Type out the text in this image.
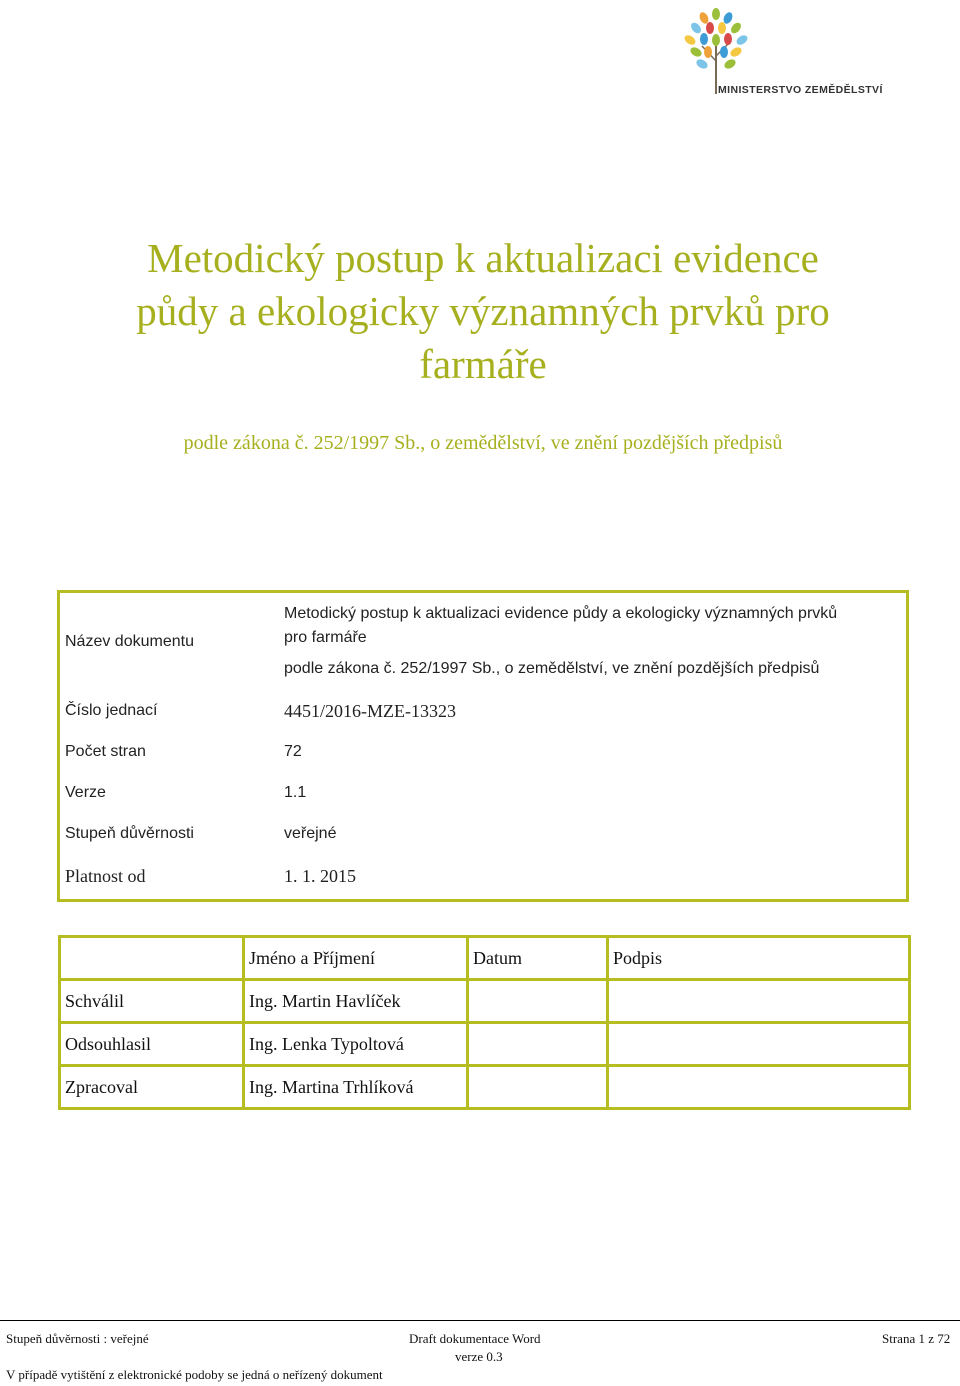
MINISTERSTVO ZEMĚDĚLSTVÍ
Metodický postup k aktualizaci evidence
půdy a ekologicky významných prvků pro
farmáře
podle zákona č. 252/1997 Sb., o zemědělství, ve znění pozdějších předpisů
Název dokumentu
Metodický postup k aktualizaci evidence půdy a ekologicky významných prvků
pro farmáře
podle zákona č. 252/1997 Sb., o zemědělství, ve znění pozdějších předpisů
Číslo jednací	4451/2016-MZE-13323
Počet stran	72
Verze	1.1
Stupeň důvěrnosti	veřejné
Platnost od	1. 1. 2015
	Jméno a Příjmení	Datum	Podpis
Schválil	Ing. Martin Havlíček		
Odsouhlasil	Ing. Lenka Typoltová		
Zpracoval	Ing. Martina Trhlíková		
Stupeň důvěrnosti : veřejné	Draft dokumentace Word
verze 0.3
Strana 1 z 72
V případě vytištění z elektronické podoby se jedná o neřízený dokument
